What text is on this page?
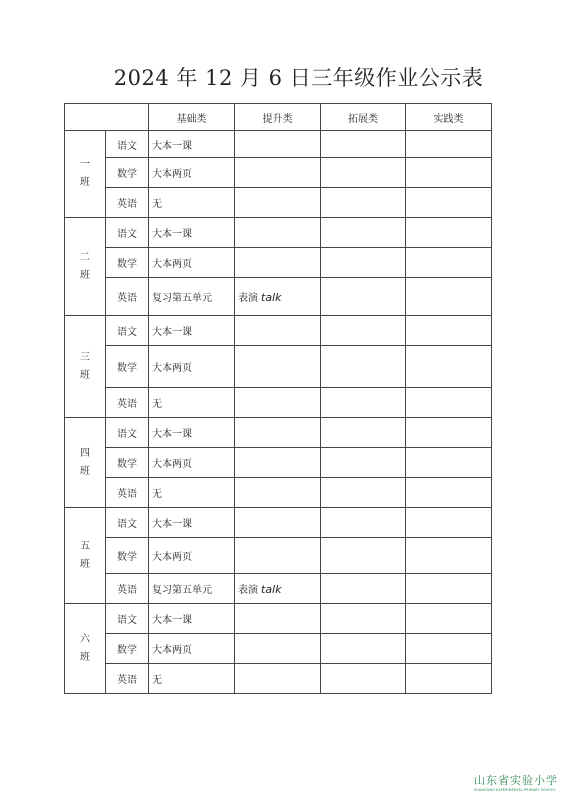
2024 年 12 月 6 日三年级作业公示表
		基础类	提升类	拓展类	实践类
一
班	语文	大本一课			
	数学	大本两页			
	英语	无			
二
班	语文	大本一课			
	数学	大本两页			
	英语	复习第五单元	表演 talk		
三
班	语文	大本一课			
	数学	大本两页			
	英语	无			
四
班	语文	大本一课			
	数学	大本两页			
	英语	无			
五
班	语文	大本一课			
	数学	大本两页			
	英语	复习第五单元	表演 talk		
六
班	语文	大本一课			
	数学	大本两页			
	英语	无			
山东省实验小学
SHANDONG EXPERIMENTAL PRIMARY SCHOOL
